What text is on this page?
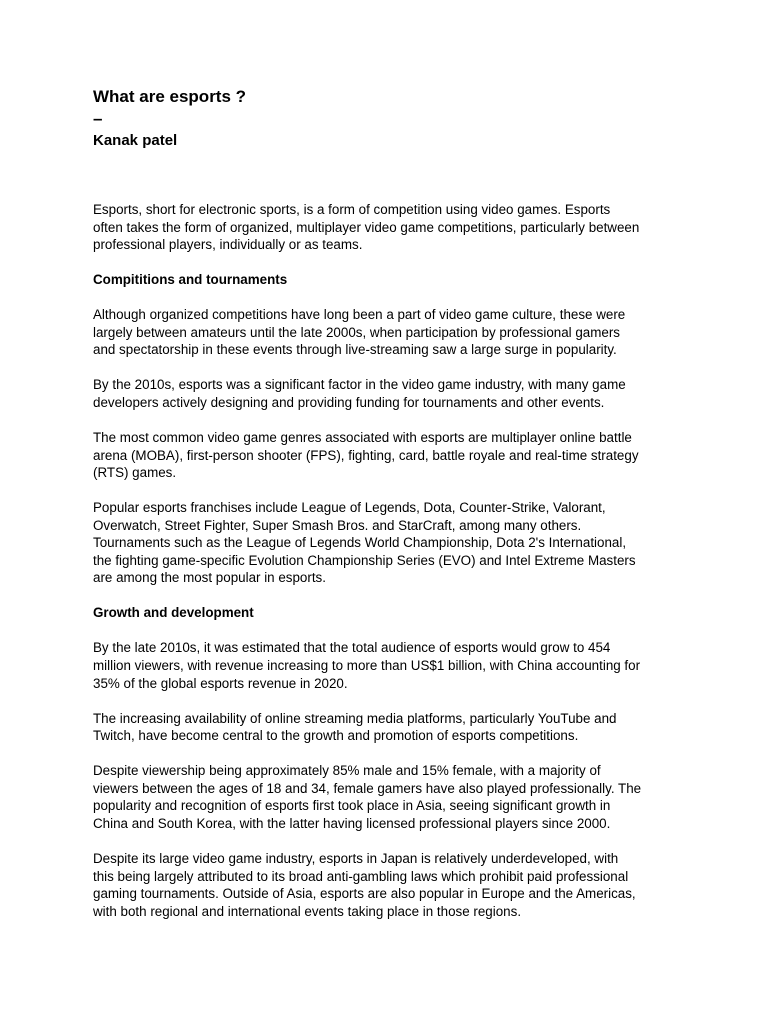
What are esports ?

–

Kanak patel

Esports, short for electronic sports, is a form of competition using video games. Esports
often takes the form of organized, multiplayer video game competitions, particularly between
professional players, individually or as teams.

Compititions and tournaments

Although organized competitions have long been a part of video game culture, these were
largely between amateurs until the late 2000s, when participation by professional gamers
and spectatorship in these events through live-streaming saw a large surge in popularity.

By the 2010s, esports was a significant factor in the video game industry, with many game
developers actively designing and providing funding for tournaments and other events.

The most common video game genres associated with esports are multiplayer online battle
arena (MOBA), first-person shooter (FPS), fighting, card, battle royale and real-time strategy
(RTS) games.

Popular esports franchises include League of Legends, Dota, Counter-Strike, Valorant,
Overwatch, Street Fighter, Super Smash Bros. and StarCraft, among many others.
Tournaments such as the League of Legends World Championship, Dota 2's International,
the fighting game-specific Evolution Championship Series (EVO) and Intel Extreme Masters
are among the most popular in esports.

Growth and development

By the late 2010s, it was estimated that the total audience of esports would grow to 454
million viewers, with revenue increasing to more than US$1 billion, with China accounting for
35% of the global esports revenue in 2020.

The increasing availability of online streaming media platforms, particularly YouTube and
Twitch, have become central to the growth and promotion of esports competitions.

Despite viewership being approximately 85% male and 15% female, with a majority of
viewers between the ages of 18 and 34, female gamers have also played professionally. The
popularity and recognition of esports first took place in Asia, seeing significant growth in
China and South Korea, with the latter having licensed professional players since 2000.

Despite its large video game industry, esports in Japan is relatively underdeveloped, with
this being largely attributed to its broad anti-gambling laws which prohibit paid professional
gaming tournaments. Outside of Asia, esports are also popular in Europe and the Americas,
with both regional and international events taking place in those regions.
